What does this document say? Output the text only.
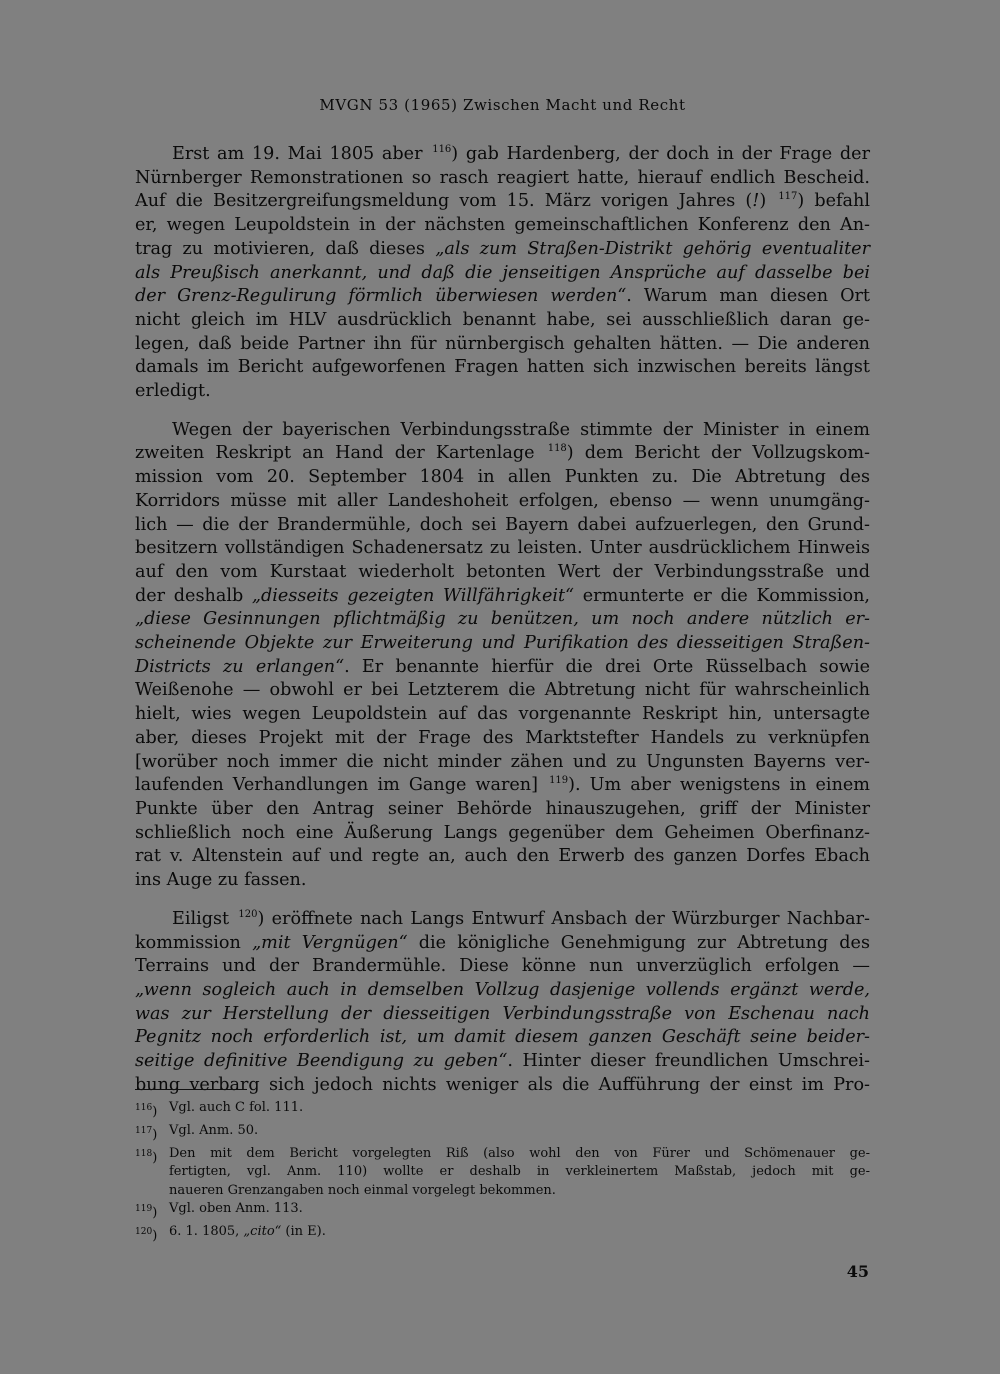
MVGN 53 (1965) Zwischen Macht und Recht
Erst am 19. Mai 1805 aber $^{116}$) gab Hardenberg, der doch in der Frage der
Nürnberger Remonstrationen so rasch reagiert hatte, hierauf endlich Bescheid.
Auf die Besitzergreifungsmeldung vom 15. März vorigen Jahres (!) $^{117}$) befahl
er, wegen Leupoldstein in der nächsten gemeinschaftlichen Konferenz den An-
trag zu motivieren, daß dieses „als zum Straßen-Distrikt gehörig eventualiter
als Preußisch anerkannt, und daß die jenseitigen Ansprüche auf dasselbe bei
der Grenz-Regulirung förmlich überwiesen werden“. Warum man diesen Ort
nicht gleich im HLV ausdrücklich benannt habe, sei ausschließlich daran ge-
legen, daß beide Partner ihn für nürnbergisch gehalten hätten. — Die anderen
damals im Bericht aufgeworfenen Fragen hatten sich inzwischen bereits längst
erledigt.
Wegen der bayerischen Verbindungsstraße stimmte der Minister in einem
zweiten Reskript an Hand der Kartenlage $^{118}$) dem Bericht der Vollzugskom-
mission vom 20. September 1804 in allen Punkten zu. Die Abtretung des
Korridors müsse mit aller Landeshoheit erfolgen, ebenso — wenn unumgäng-
lich — die der Brandermühle, doch sei Bayern dabei aufzuerlegen, den Grund-
besitzern vollständigen Schadenersatz zu leisten. Unter ausdrücklichem Hinweis
auf den vom Kurstaat wiederholt betonten Wert der Verbindungsstraße und
der deshalb „diesseits gezeigten Willfährigkeit“ ermunterte er die Kommission,
„diese Gesinnungen pflichtmäßig zu benützen, um noch andere nützlich er-
scheinende Objekte zur Erweiterung und Purifikation des diesseitigen Straßen-
Districts zu erlangen“. Er benannte hierfür die drei Orte Rüsselbach sowie
Weißenohe — obwohl er bei Letzterem die Abtretung nicht für wahrscheinlich
hielt, wies wegen Leupoldstein auf das vorgenannte Reskript hin, untersagte
aber, dieses Projekt mit der Frage des Marktstefter Handels zu verknüpfen
[worüber noch immer die nicht minder zähen und zu Ungunsten Bayerns ver-
laufenden Verhandlungen im Gange waren] $^{119}$). Um aber wenigstens in einem
Punkte über den Antrag seiner Behörde hinauszugehen, griff der Minister
schließlich noch eine Äußerung Langs gegenüber dem Geheimen Oberfinanz-
rat v. Altenstein auf und regte an, auch den Erwerb des ganzen Dorfes Ebach
ins Auge zu fassen.
Eiligst $^{120}$) eröffnete nach Langs Entwurf Ansbach der Würzburger Nachbar-
kommission „mit Vergnügen“ die königliche Genehmigung zur Abtretung des
Terrains und der Brandermühle. Diese könne nun unverzüglich erfolgen —
„wenn sogleich auch in demselben Vollzug dasjenige vollends ergänzt werde,
was zur Herstellung der diesseitigen Verbindungsstraße von Eschenau nach
Pegnitz noch erforderlich ist, um damit diesem ganzen Geschäft seine beider-
seitige definitive Beendigung zu geben“. Hinter dieser freundlichen Umschrei-
bung verbarg sich jedoch nichts weniger als die Aufführung der einst im Pro-
$^{116}$) Vgl. auch C fol. 111.
$^{117}$) Vgl. Anm. 50.
$^{118}$) Den mit dem Bericht vorgelegten Riß (also wohl den von Fürer und Schömenauer ge-
fertigten, vgl. Anm. 110) wollte er deshalb in verkleinertem Maßstab, jedoch mit ge-
naueren Grenzangaben noch einmal vorgelegt bekommen.
$^{119}$) Vgl. oben Anm. 113.
$^{120}$) 6. 1. 1805, „cito“ (in E).
45
